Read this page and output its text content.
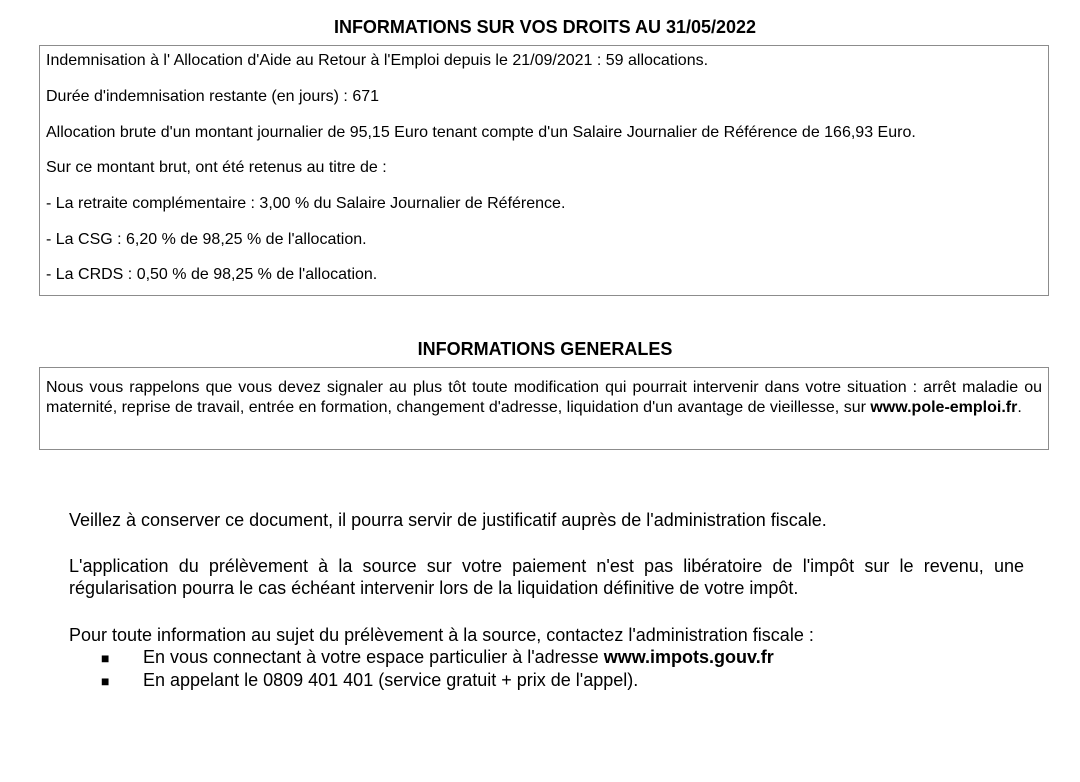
INFORMATIONS SUR VOS DROITS AU 31/05/2022
Indemnisation à l' Allocation d'Aide au Retour à l'Emploi depuis le 21/09/2021 : 59 allocations.
Durée d'indemnisation restante (en jours) : 671
Allocation brute d'un montant journalier de 95,15 Euro tenant compte d'un Salaire Journalier de Référence de 166,93 Euro.
Sur ce montant brut, ont été retenus au titre de :
- La retraite complémentaire : 3,00 % du Salaire Journalier de Référence.
- La CSG : 6,20 % de 98,25 % de l'allocation.
- La CRDS : 0,50 % de 98,25 % de l'allocation.
INFORMATIONS GENERALES
Nous vous rappelons que vous devez signaler au plus tôt toute modification qui pourrait intervenir dans votre situation : arrêt maladie ou maternité, reprise de travail, entrée en formation, changement d'adresse, liquidation d'un avantage de vieillesse, sur www.pole-emploi.fr.

Veillez à conserver ce document, il pourra servir de justificatif auprès de l'administration fiscale.

L'application du prélèvement à la source sur votre paiement n'est pas libératoire de l'impôt sur le revenu, une régularisation pourra le cas échéant intervenir lors de la liquidation définitive de votre impôt.

Pour toute information au sujet du prélèvement à la source, contactez l'administration fiscale :

■ En vous connectant à votre espace particulier à l'adresse www.impots.gouv.fr
■ En appelant le 0809 401 401 (service gratuit + prix de l'appel).
